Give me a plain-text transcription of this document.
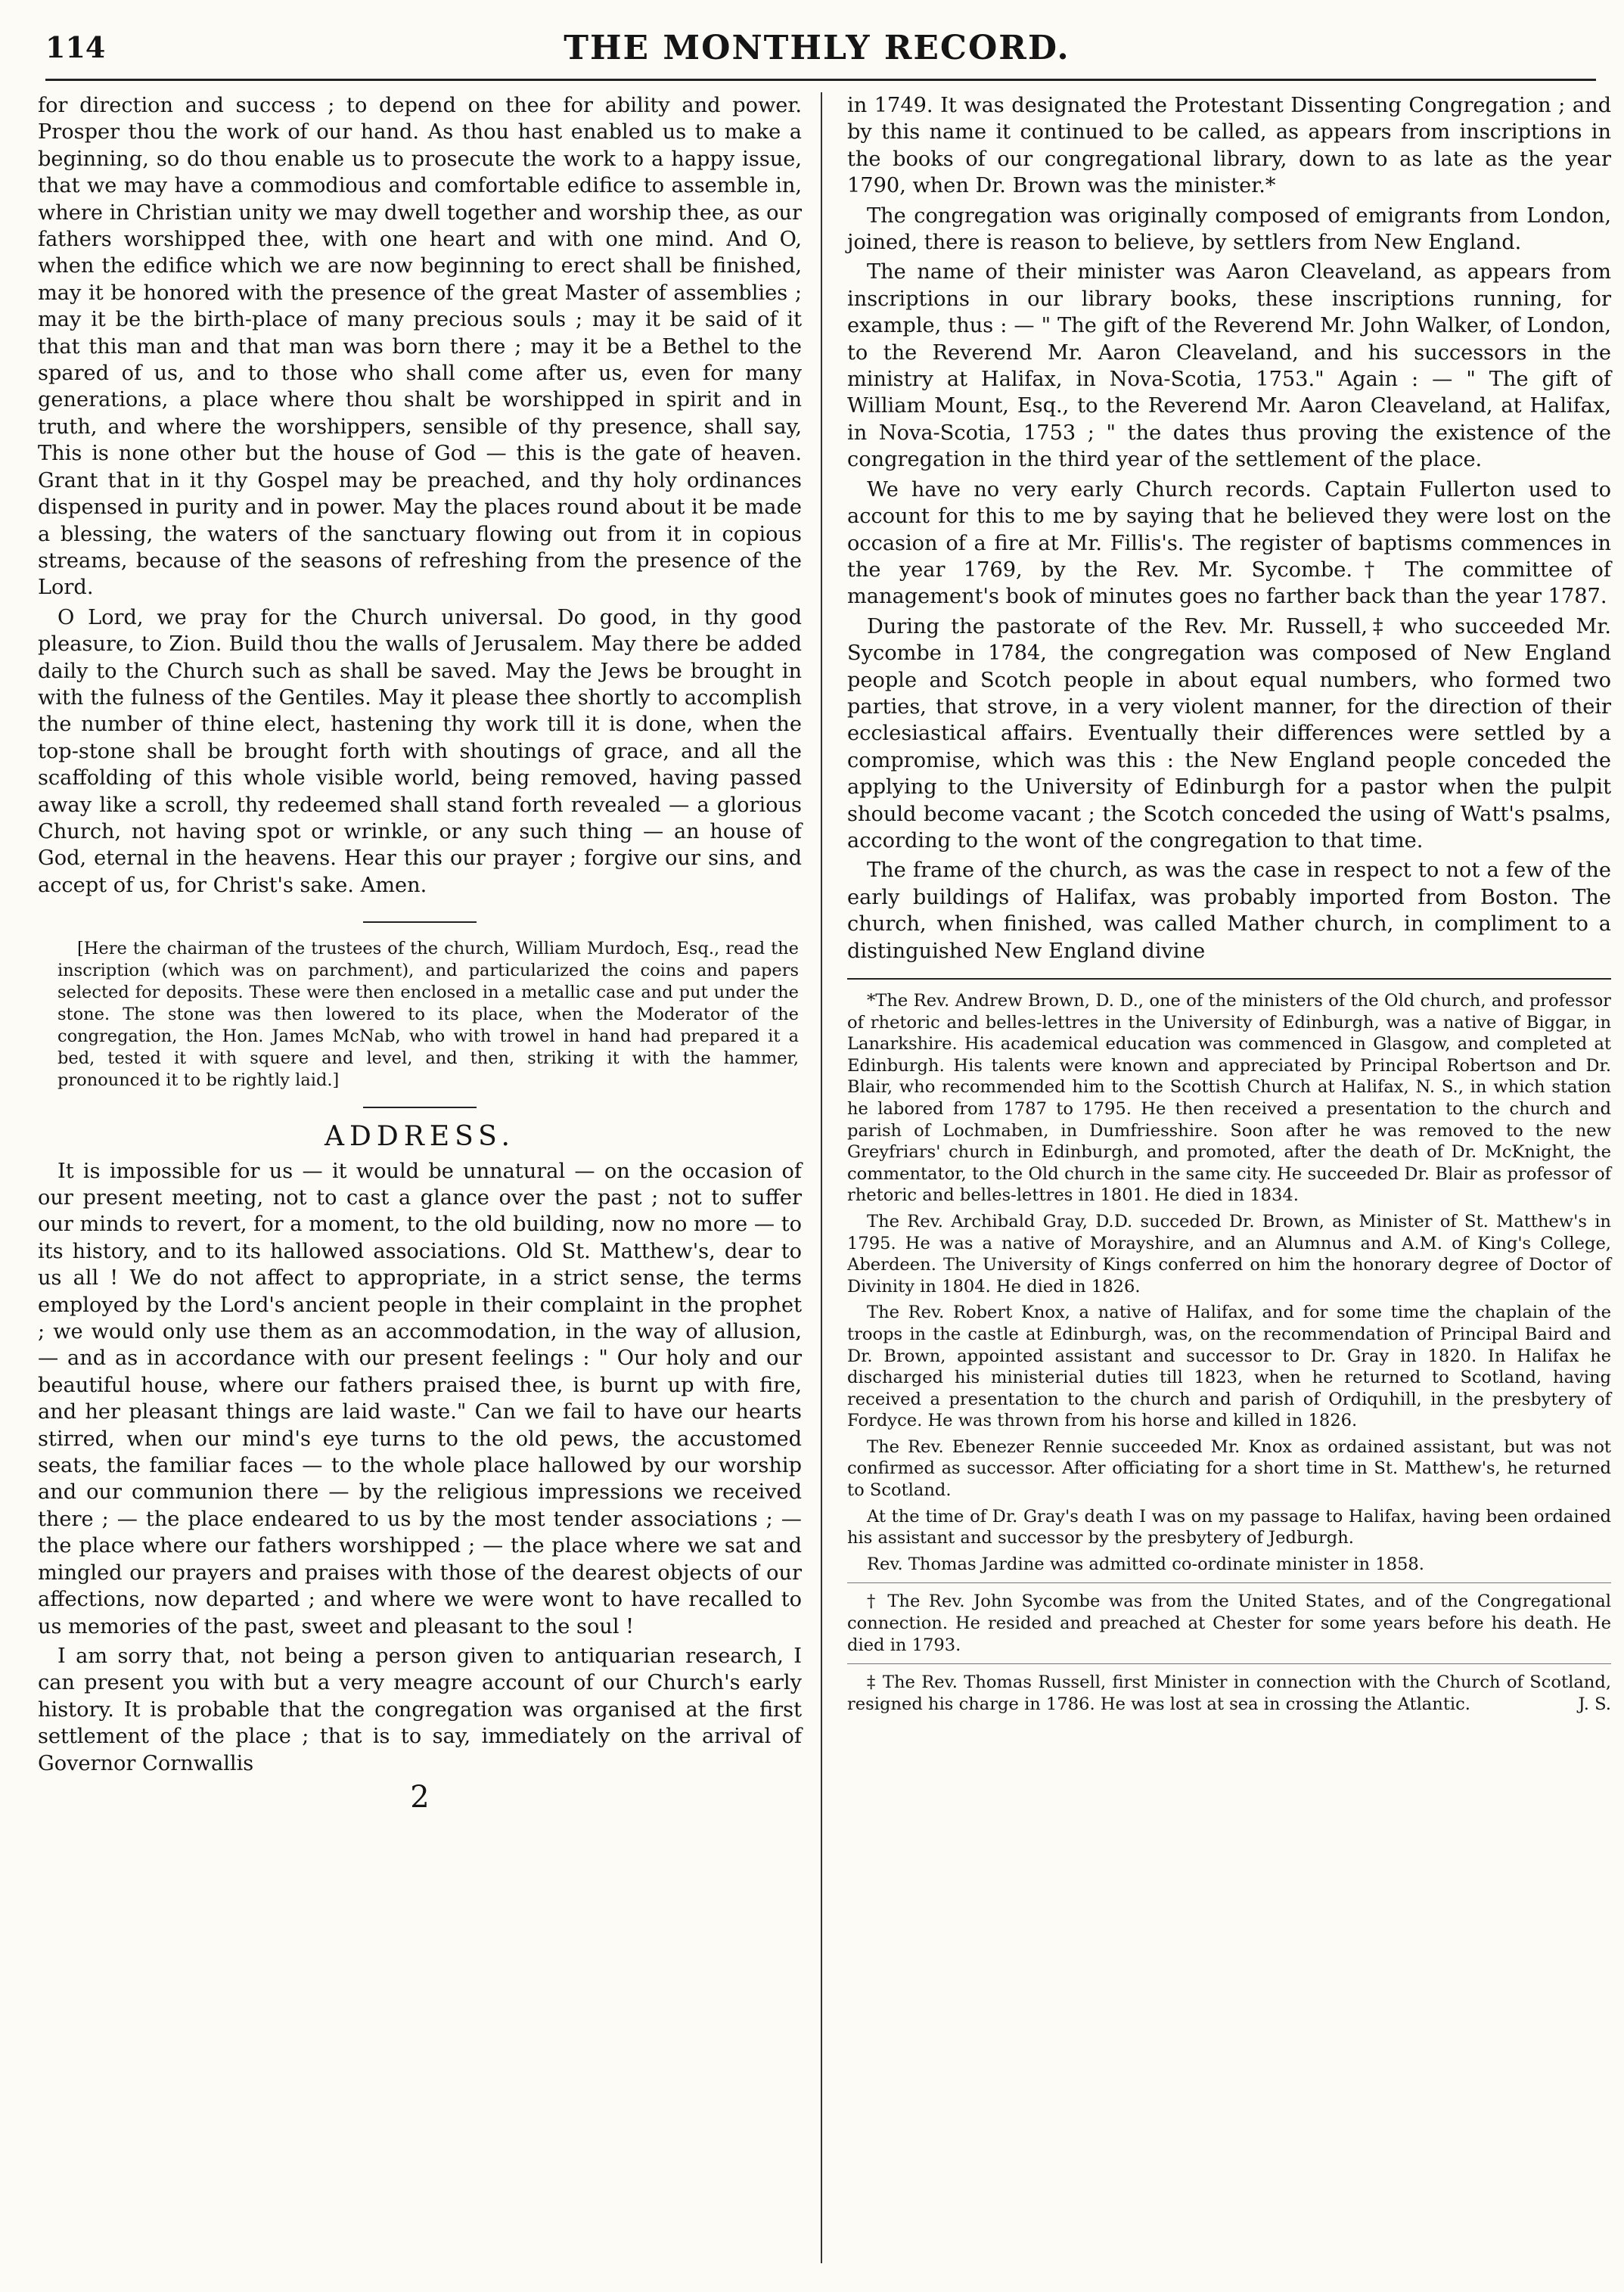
114	THE MONTHLY RECORD.

for direction and success ; to depend on thee for ability and power. Prosper thou the work of our hand. As thou hast enabled us to make a beginning, so do thou enable us to prosecute the work to a happy issue, that we may have a commodious and comfortable edifice to assemble in, where in Christian unity we may dwell together and worship thee, as our fathers worshipped thee, with one heart and with one mind. And O, when the edifice which we are now beginning to erect shall be finished, may it be honored with the presence of the great Master of assemblies ; may it be the birth-place of many precious souls ; may it be said of it that this man and that man was born there ; may it be a Bethel to the spared of us, and to those who shall come after us, even for many generations, a place where thou shalt be worshipped in spirit and in truth, and where the worshippers, sensible of thy presence, shall say, This is none other but the house of God — this is the gate of heaven. Grant that in it thy Gospel may be preached, and thy holy ordinances dispensed in purity and in power. May the places round about it be made a blessing, the waters of the sanctuary flowing out from it in copious streams, because of the seasons of refreshing from the presence of the Lord.

O Lord, we pray for the Church universal. Do good, in thy good pleasure, to Zion. Build thou the walls of Jerusalem. May there be added daily to the Church such as shall be saved. May the Jews be brought in with the fulness of the Gentiles. May it please thee shortly to accomplish the number of thine elect, hastening thy work till it is done, when the top-stone shall be brought forth with shoutings of grace, and all the scaffolding of this whole visible world, being removed, having passed away like a scroll, thy redeemed shall stand forth revealed — a glorious Church, not having spot or wrinkle, or any such thing — an house of God, eternal in the heavens. Hear this our prayer ; forgive our sins, and accept of us, for Christ's sake. Amen.

[Here the chairman of the trustees of the church, William Murdoch, Esq., read the inscription (which was on parchment), and particularized the coins and papers selected for deposits. These were then enclosed in a metallic case and put under the stone. The stone was then lowered to its place, when the Moderator of the congregation, the Hon. James McNab, who with trowel in hand had prepared it a bed, tested it with squere and level, and then, striking it with the hammer, pronounced it to be rightly laid.]

ADDRESS.

It is impossible for us — it would be unnatural — on the occasion of our present meeting, not to cast a glance over the past ; not to suffer our minds to revert, for a moment, to the old building, now no more — to its history, and to its hallowed associations. Old St. Matthew's, dear to us all ! We do not affect to appropriate, in a strict sense, the terms employed by the Lord's ancient people in their complaint in the prophet ; we would only use them as an accommodation, in the way of allusion, — and as in accordance with our present feelings : " Our holy and our beautiful house, where our fathers praised thee, is burnt up with fire, and her pleasant things are laid waste." Can we fail to have our hearts stirred, when our mind's eye turns to the old pews, the accustomed seats, the familiar faces — to the whole place hallowed by our worship and our communion there — by the religious impressions we received there ; — the place endeared to us by the most tender associations ; — the place where our fathers worshipped ; — the place where we sat and mingled our prayers and praises with those of the dearest objects of our affections, now departed ; and where we were wont to have recalled to us memories of the past, sweet and pleasant to the soul !

I am sorry that, not being a person given to antiquarian research, I can present you with but a very meagre account of our Church's early history. It is probable that the congregation was organised at the first settlement of the place ; that is to say, immediately on the arrival of Governor Cornwallis

2

in 1749. It was designated the Protestant Dissenting Congregation ; and by this name it continued to be called, as appears from inscriptions in the books of our congregational library, down to as late as the year 1790, when Dr. Brown was the minister.*

The congregation was originally composed of emigrants from London, joined, there is reason to believe, by settlers from New England.

The name of their minister was Aaron Cleaveland, as appears from inscriptions in our library books, these inscriptions running, for example, thus : — " The gift of the Reverend Mr. John Walker, of London, to the Reverend Mr. Aaron Cleaveland, and his successors in the ministry at Halifax, in Nova-Scotia, 1753." Again : — " The gift of William Mount, Esq., to the Reverend Mr. Aaron Cleaveland, at Halifax, in Nova-Scotia, 1753 ; " the dates thus proving the existence of the congregation in the third year of the settlement of the place.

We have no very early Church records. Captain Fullerton used to account for this to me by saying that he believed they were lost on the occasion of a fire at Mr. Fillis's. The register of baptisms commences in the year 1769, by the Rev. Mr. Sycombe.† The committee of management's book of minutes goes no farther back than the year 1787.

During the pastorate of the Rev. Mr. Russell,‡ who succeeded Mr. Sycombe in 1784, the congregation was composed of New England people and Scotch people in about equal numbers, who formed two parties, that strove, in a very violent manner, for the direction of their ecclesiastical affairs. Eventually their differences were settled by a compromise, which was this : the New England people conceded the applying to the University of Edinburgh for a pastor when the pulpit should become vacant ; the Scotch conceded the using of Watt's psalms, according to the wont of the congregation to that time.

The frame of the church, as was the case in respect to not a few of the early buildings of Halifax, was probably imported from Boston. The church, when finished, was called Mather church, in compliment to a distinguished New England divine

*The Rev. Andrew Brown, D. D., one of the ministers of the Old church, and professor of rhetoric and belles-lettres in the University of Edinburgh, was a native of Biggar, in Lanarkshire. His academical education was commenced in Glasgow, and completed at Edinburgh. His talents were known and appreciated by Principal Robertson and Dr. Blair, who recommended him to the Scottish Church at Halifax, N. S., in which station he labored from 1787 to 1795. He then received a presentation to the church and parish of Lochmaben, in Dumfriesshire. Soon after he was removed to the new Greyfriars' church in Edinburgh, and promoted, after the death of Dr. McKnight, the commentator, to the Old church in the same city. He succeeded Dr. Blair as professor of rhetoric and belles-lettres in 1801. He died in 1834.

The Rev. Archibald Gray, D.D. succeded Dr. Brown, as Minister of St. Matthew's in 1795. He was a native of Morayshire, and an Alumnus and A.M. of King's College, Aberdeen. The University of Kings conferred on him the honorary degree of Doctor of Divinity in 1804. He died in 1826.

The Rev. Robert Knox, a native of Halifax, and for some time the chaplain of the troops in the castle at Edinburgh, was, on the recommendation of Principal Baird and Dr. Brown, appointed assistant and successor to Dr. Gray in 1820. In Halifax he discharged his ministerial duties till 1823, when he returned to Scotland, having received a presentation to the church and parish of Ordiquhill, in the presbytery of Fordyce. He was thrown from his horse and killed in 1826.

The Rev. Ebenezer Rennie succeeded Mr. Knox as ordained assistant, but was not confirmed as successor. After officiating for a short time in St. Matthew's, he returned to Scotland.

At the time of Dr. Gray's death I was on my passage to Halifax, having been ordained his assistant and successor by the presbytery of Jedburgh.

Rev. Thomas Jardine was admitted co-ordinate minister in 1858.

† The Rev. John Sycombe was from the United States, and of the Congregational connection. He resided and preached at Chester for some years before his death. He died in 1793.

‡ The Rev. Thomas Russell, first Minister in connection with the Church of Scotland, resigned his charge in 1786. He was lost at sea in crossing the Atlantic.	J. S.
